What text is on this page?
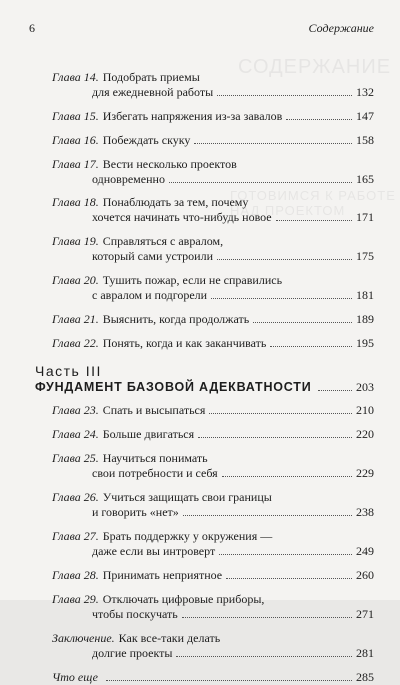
СОДЕРЖАНИЕ
ГОТОВИМСЯ К РАБОТЕ НАД ПРОЕКТОМ
6	Содержание
Глава 14. Подобрать приемы
для ежедневной работы	132
Глава 15. Избегать напряжения из-за завалов	147
Глава 16. Побеждать скуку	158
Глава 17. Вести несколько проектов
одновременно	165
Глава 18. Понаблюдать за тем, почему
хочется начинать что-нибудь новое	171
Глава 19. Справляться с авралом,
который сами устроили	175
Глава 20. Тушить пожар, если не справились
с авралом и подгорели	181
Глава 21. Выяснить, когда продолжать	189
Глава 22. Понять, когда и как заканчивать	195
Часть III
ФУНДАМЕНТ БАЗОВОЙ АДЕКВАТНОСТИ	203
Глава 23. Спать и высыпаться	210
Глава 24. Больше двигаться	220
Глава 25. Научиться понимать
свои потребности и себя	229
Глава 26. Учиться защищать свои границы
и говорить «нет»	238
Глава 27. Брать поддержку у окружения —
даже если вы интроверт	249
Глава 28. Принимать неприятное	260
Глава 29. Отключать цифровые приборы,
чтобы поскучать	271
Заключение. Как все-таки делать
долгие проекты	281
Что еще	285
